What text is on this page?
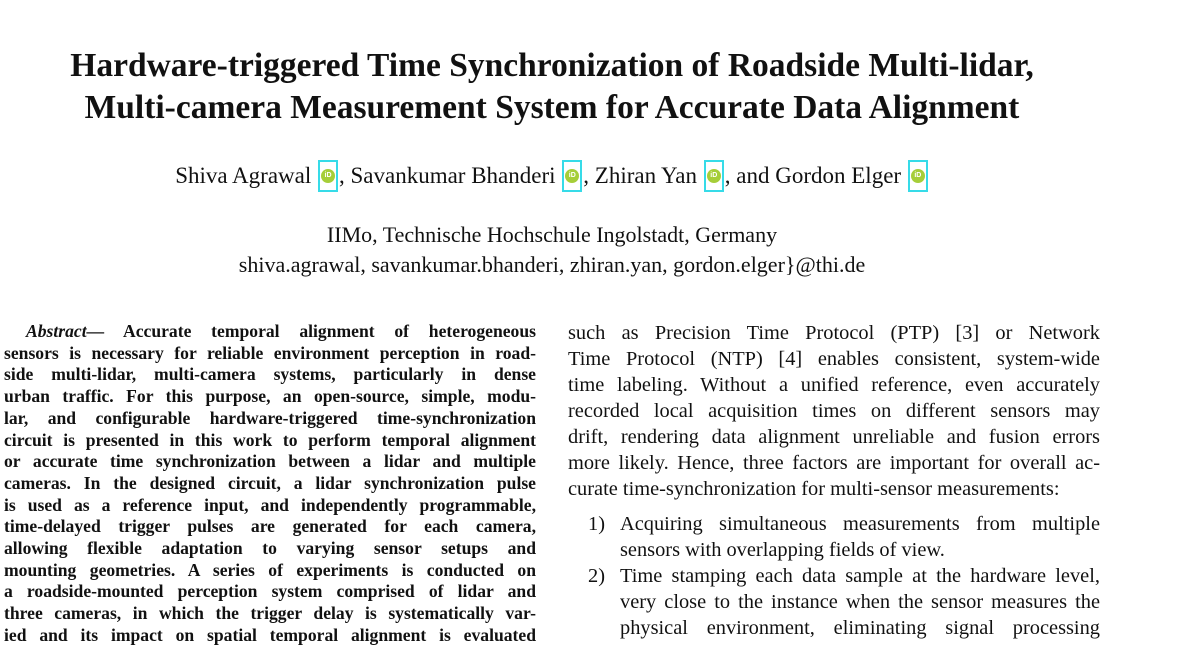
Hardware-triggered Time Synchronization of Roadside Multi-lidar,
Multi-camera Measurement System for Accurate Data Alignment
Shiva Agrawal	iD , Savankumar Bhanderi	iD , Zhiran Yan	iD , and Gordon Elger	iD
IIMo, Technische Hochschule Ingolstadt, Germany
shiva.agrawal, savankumar.bhanderi, zhiran.yan, gordon.elger}@thi.de
Abstract— Accurate temporal alignment of heterogeneous
sensors is necessary for reliable environment perception in road-
side multi-lidar, multi-camera systems, particularly in dense
urban traffic. For this purpose, an open-source, simple, modu-
lar, and configurable hardware-triggered time-synchronization
circuit is presented in this work to perform temporal alignment
or accurate time synchronization between a lidar and multiple
cameras. In the designed circuit, a lidar synchronization pulse
is used as a reference input, and independently programmable,
time-delayed trigger pulses are generated for each camera,
allowing flexible adaptation to varying sensor setups and
mounting geometries. A series of experiments is conducted on
a roadside-mounted perception system comprised of lidar and
three cameras, in which the trigger delay is systematically var-
ied and its impact on spatial temporal alignment is evaluated
such as Precision Time Protocol (PTP) [3] or Network
Time Protocol (NTP) [4] enables consistent, system-wide
time labeling. Without a unified reference, even accurately
recorded local acquisition times on different sensors may
drift, rendering data alignment unreliable and fusion errors
more likely. Hence, three factors are important for overall ac-
curate time-synchronization for multi-sensor measurements:
1) Acquiring simultaneous measurements from multiple
sensors with overlapping fields of view.
2) Time stamping each data sample at the hardware level,
very close to the instance when the sensor measures the
physical environment, eliminating signal processing
